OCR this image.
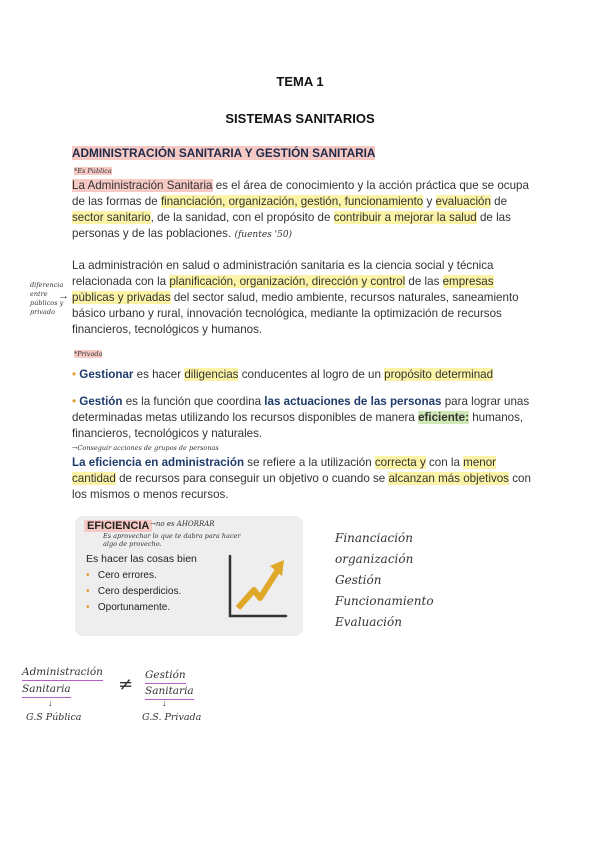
TEMA 1
SISTEMAS SANITARIOS
ADMINISTRACIÓN SANITARIA Y GESTIÓN SANITARIA
*Es Pública
La Administración Sanitaria es el área de conocimiento y la acción práctica que se ocupa de las formas de financiación, organización, gestión, funcionamiento y evaluación de sector sanitario, de la sanidad, con el propósito de contribuir a mejorar la salud de las personas y de las poblaciones. (fuentes '50)
diferencia
entre
públicos y
privado
→
La administración en salud o administración sanitaria es la ciencia social y técnica relacionada con la planificación, organización, dirección y control de las empresas públicas y privadas del sector salud, medio ambiente, recursos naturales, saneamiento básico urbano y rural, innovación tecnológica, mediante la optimización de recursos financieros, tecnológicos y humanos.
*Privada
• Gestionar es hacer diligencias conducentes al logro de un propósito determinad
• Gestión es la función que coordina las actuaciones de las personas para lograr unas determinadas metas utilizando los recursos disponibles de manera eficiente: humanos, financieros, tecnológicos y naturales.
→Conseguir acciones de grupos de personas
La eficiencia en administración se refiere a la utilización correcta y con la menor cantidad de recursos para conseguir un objetivo o cuando se alcanzan más objetivos con los mismos o menos recursos.
EFICIENCIA →no es AHORRAR
Es aprovechar lo que te dabra para hacer
algo de provecho.
Es hacer las cosas bien
• Cero errores.
• Cero desperdicios.
• Oportunamente.
Financiación
organización
Gestión
Funcionamiento
Evaluación
Administración
Sanitaria	≠ Gestión
Sanitaria
↓	↓
G.S Pública	G.S. Privada
